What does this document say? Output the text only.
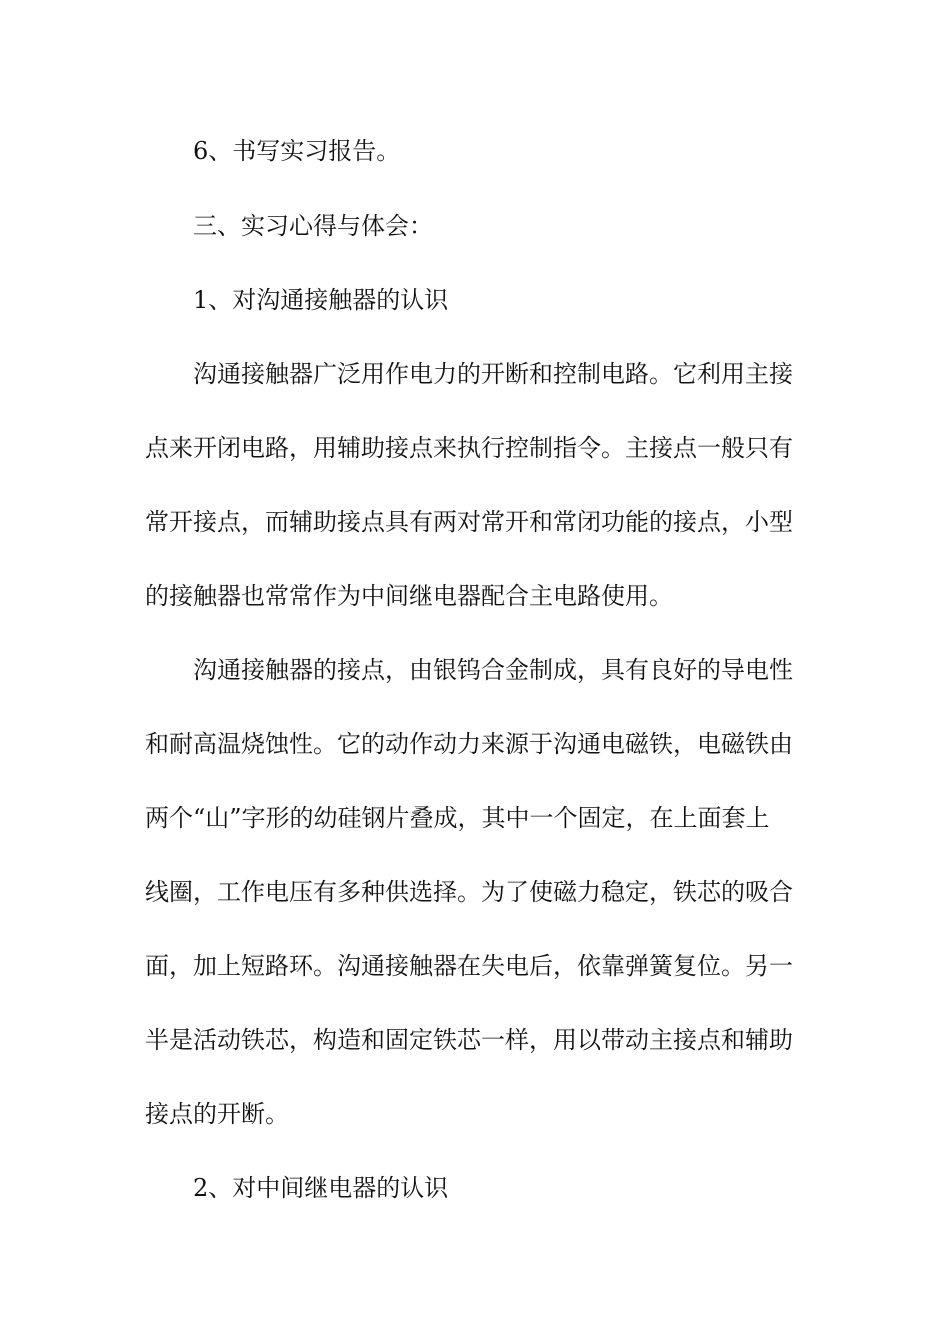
6、书写实习报告。
三、实习心得与体会：
1、对沟通接触器的认识
沟通接触器广泛用作电力的开断和控制电路。它利用主接
点来开闭电路，用辅助接点来执行控制指令。主接点一般只有
常开接点，而辅助接点具有两对常开和常闭功能的接点，小型
的接触器也常常作为中间继电器配合主电路使用。
沟通接触器的接点，由银钨合金制成，具有良好的导电性
和耐高温烧蚀性。它的动作动力来源于沟通电磁铁，电磁铁由
两个“山”字形的幼硅钢片叠成，其中一个固定，在上面套上
线圈，工作电压有多种供选择。为了使磁力稳定，铁芯的吸合
面，加上短路环。沟通接触器在失电后，依靠弹簧复位。另一
半是活动铁芯，构造和固定铁芯一样，用以带动主接点和辅助
接点的开断。
2、对中间继电器的认识
